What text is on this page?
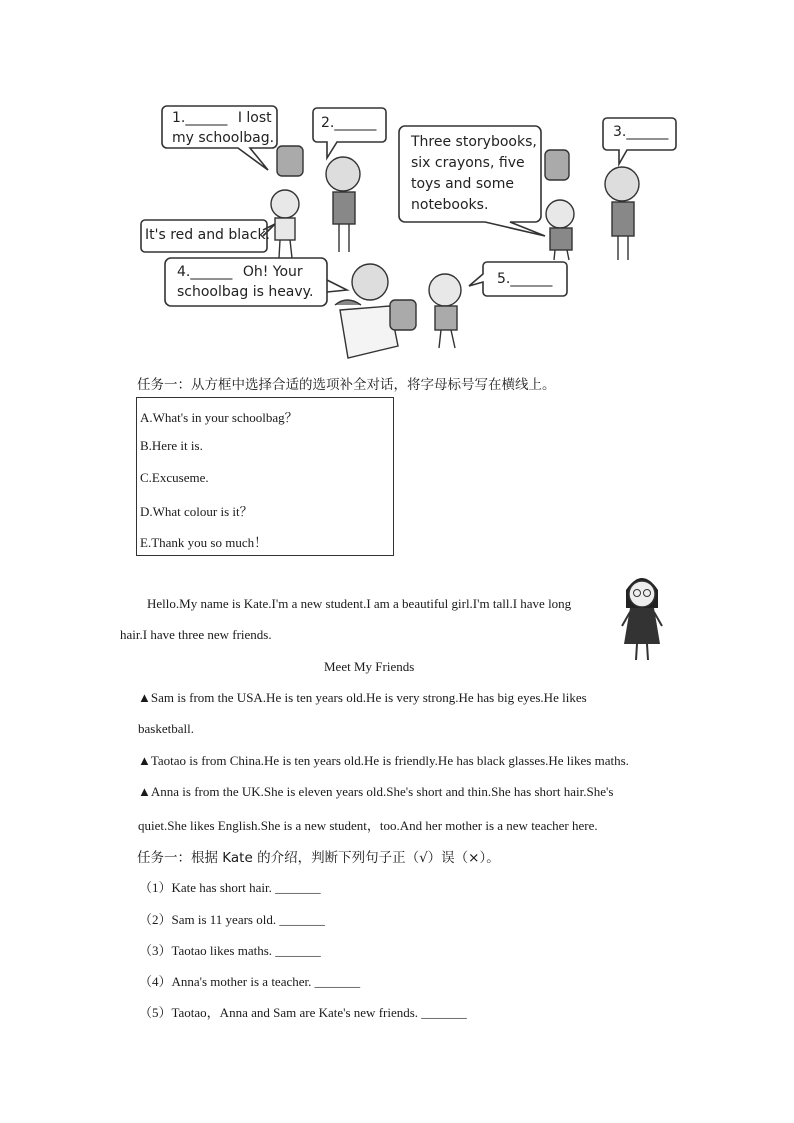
1.______ I lost
my schoolbag.
2.______
Three storybooks,
six crayons, five
toys and some
notebooks.
3.______
It's red and black.
4.______ Oh! Your
schoolbag is heavy.
5.______
任务一：从方框中选择合适的选项补全对话，将字母标号写在横线上。
A.What's in your schoolbag？
B.Here it is.
C.Excuseme.
D.What colour is it？
E.Thank you so much！
Hello.My name is Kate.I'm a new student.I am a beautiful girl.I'm tall.I have long
hair.I have three new friends.
Meet My Friends
▲Sam is from the USA.He is ten years old.He is very strong.He has big eyes.He likes
basketball.
▲Taotao is from China.He is ten years old.He is friendly.He has black glasses.He likes maths.
▲Anna is from the UK.She is eleven years old.She's short and thin.She has short hair.She's
quiet.She likes English.She is a new student，too.And her mother is a new teacher here.
任务一：根据 Kate 的介绍，判断下列句子正（√）误（×）。
（1）Kate has short hair. _______
（2）Sam is 11 years old. _______
（3）Taotao likes maths. _______
（4）Anna's mother is a teacher. _______
（5）Taotao，Anna and Sam are Kate's new friends. _______
